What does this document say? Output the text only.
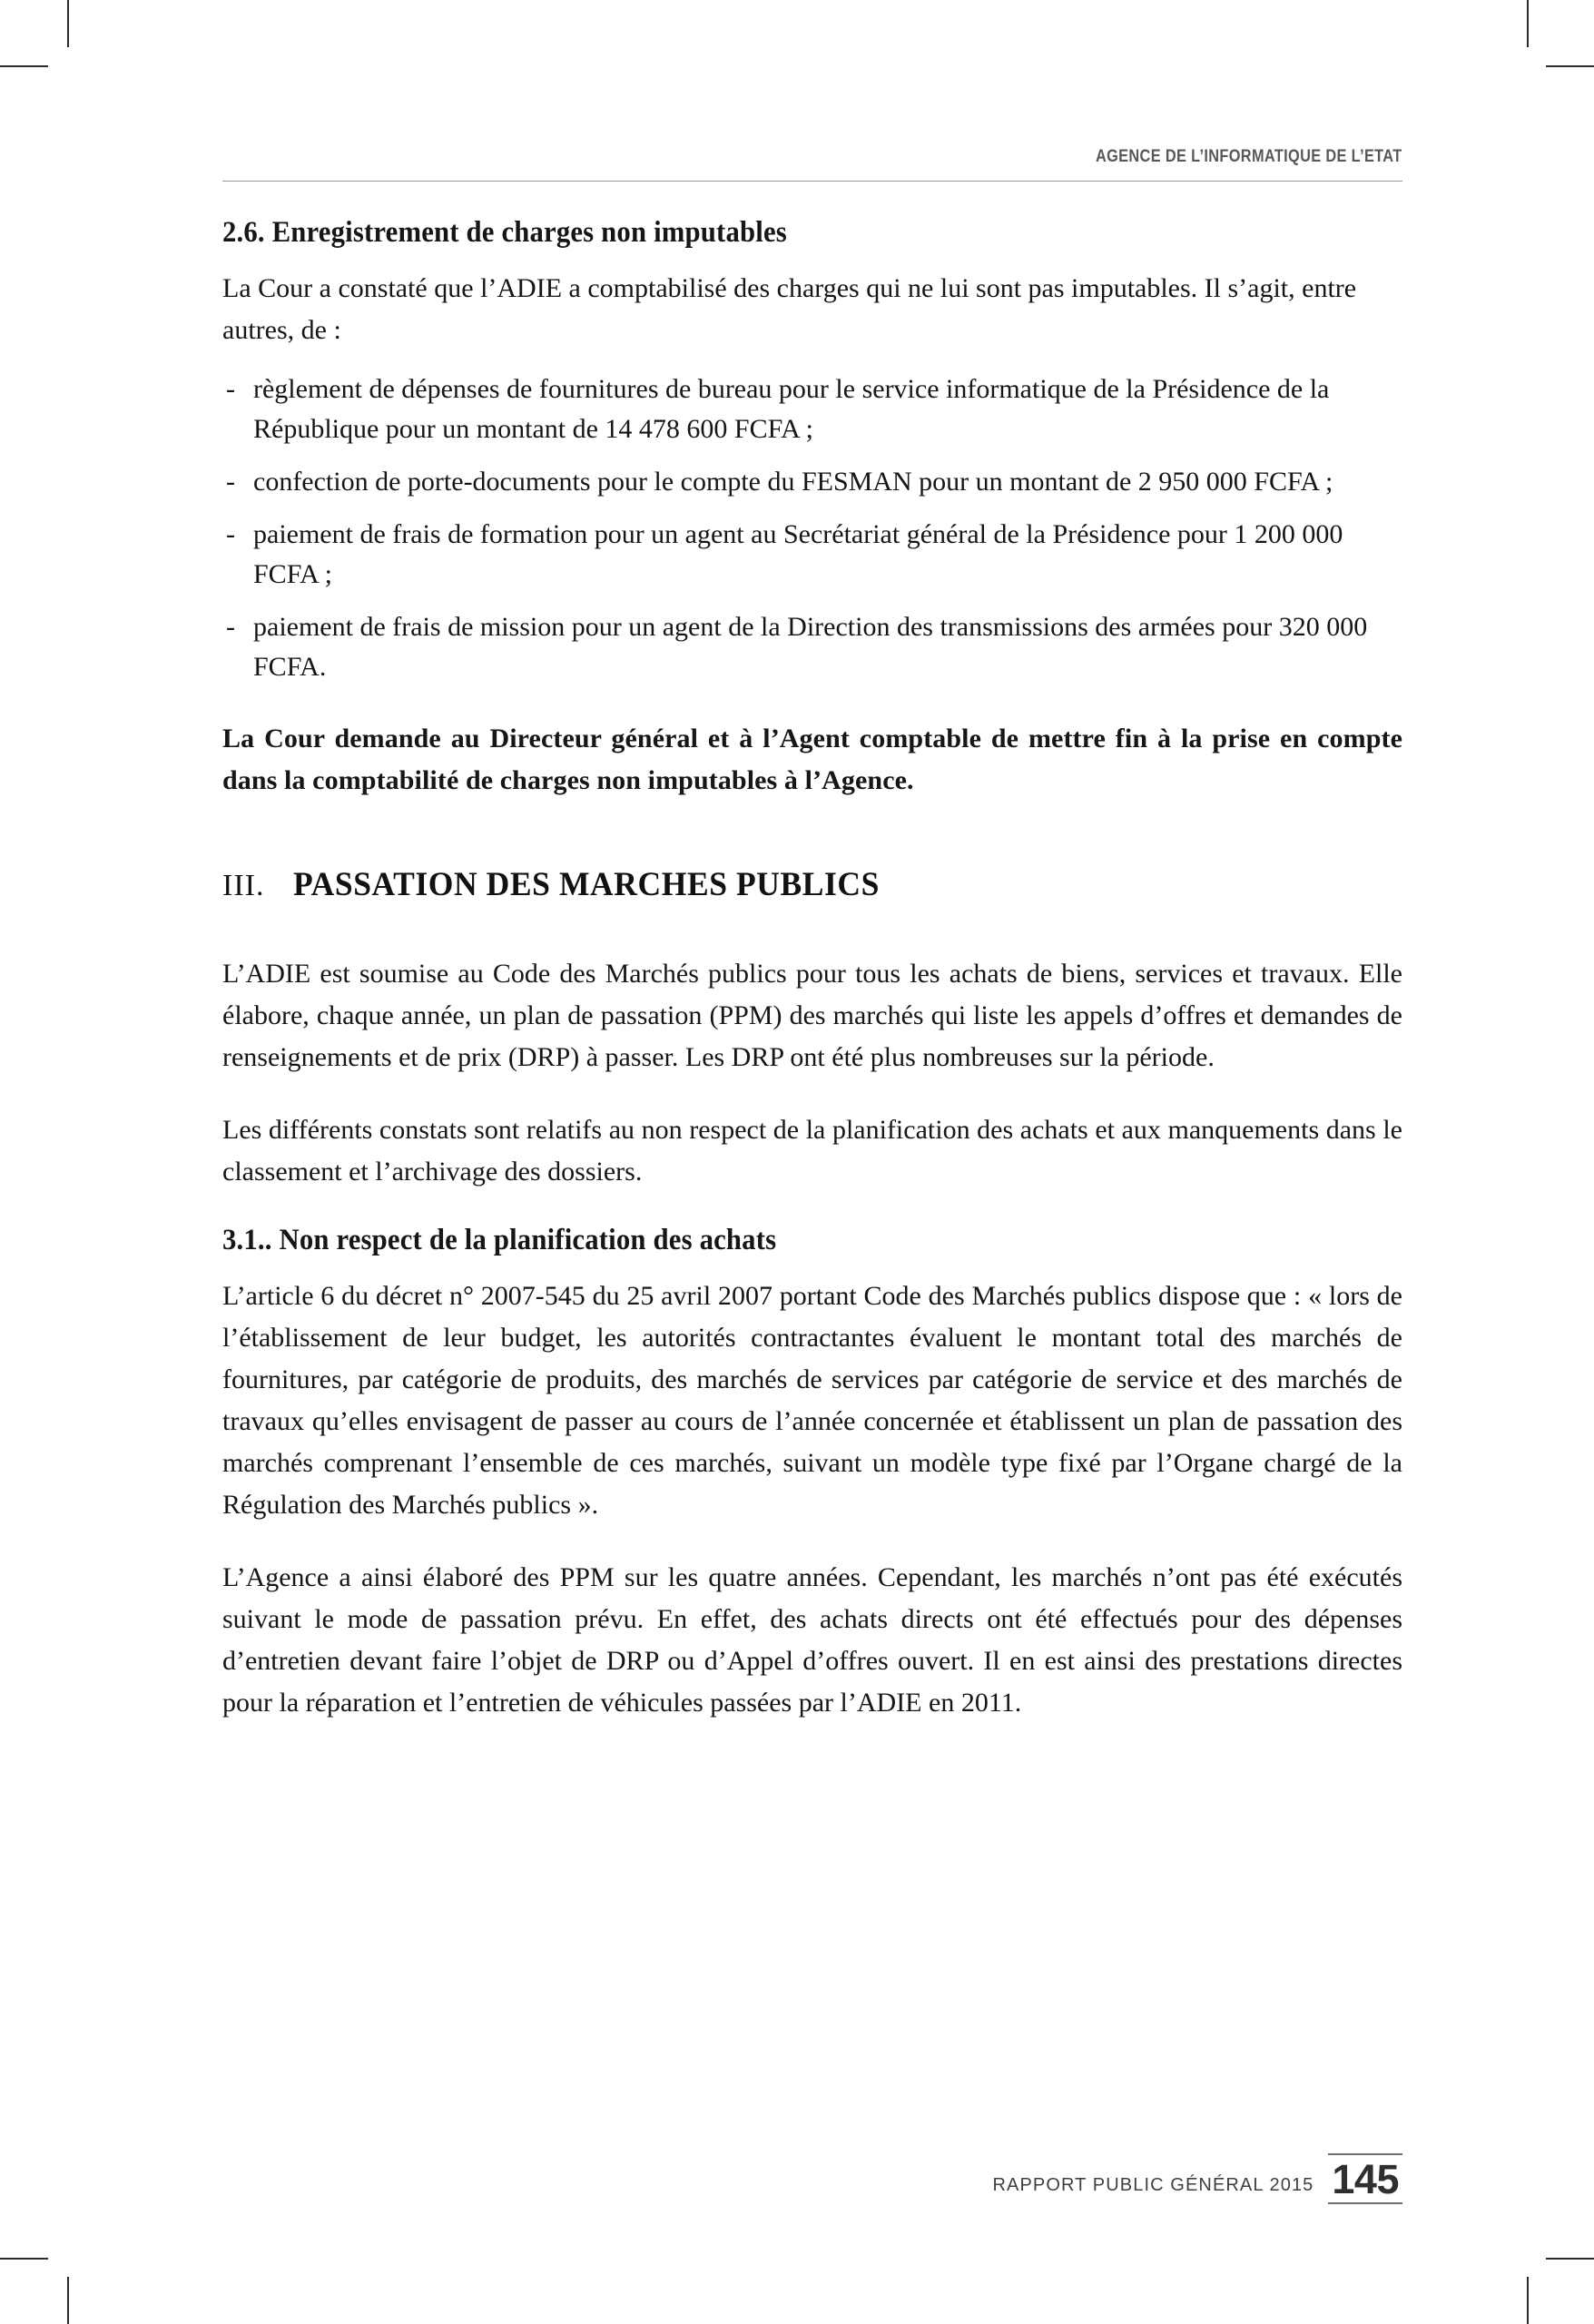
AGENCE DE L’INFORMATIQUE DE L’ETAT
2.6. Enregistrement de charges non imputables

La Cour a constaté que l’ADIE a comptabilisé des charges qui ne lui sont pas imputables. Il s’agit, entre autres, de :

- règlement de dépenses de fournitures de bureau pour le service informatique de la Présidence de la République pour un montant de 14 478 600 FCFA ;
- confection de porte-documents pour le compte du FESMAN pour un montant de 2 950 000 FCFA ;
- paiement de frais de formation pour un agent au Secrétariat général de la Présidence pour 1 200 000 FCFA ;
- paiement de frais de mission pour un agent de la Direction des transmissions des armées pour 320 000 FCFA.

La Cour demande au Directeur général et à l’Agent comptable de mettre fin à la prise en compte dans la comptabilité de charges non imputables à l’Agence.

III. PASSATION DES MARCHES PUBLICS

L’ADIE est soumise au Code des Marchés publics pour tous les achats de biens, services et travaux. Elle élabore, chaque année, un plan de passation (PPM) des marchés qui liste les appels d’offres et demandes de renseignements et de prix (DRP) à passer. Les DRP ont été plus nombreuses sur la période.

Les différents constats sont relatifs au non respect de la planification des achats et aux manquements dans le classement et l’archivage des dossiers.

3.1.. Non respect de la planification des achats

L’article 6 du décret n° 2007-545 du 25 avril 2007 portant Code des Marchés publics dispose que : « lors de l’établissement de leur budget, les autorités contractantes évaluent le montant total des marchés de fournitures, par catégorie de produits, des marchés de services par catégorie de service et des marchés de travaux qu’elles envisagent de passer au cours de l’année concernée et établissent un plan de passation des marchés comprenant l’ensemble de ces marchés, suivant un modèle type fixé par l’Organe chargé de la Régulation des Marchés publics ».

L’Agence a ainsi élaboré des PPM sur les quatre années. Cependant, les marchés n’ont pas été exécutés suivant le mode de passation prévu. En effet, des achats directs ont été effectués pour des dépenses d’entretien devant faire l’objet de DRP ou d’Appel d’offres ouvert. Il en est ainsi des prestations directes pour la réparation et l’entretien de véhicules passées par l’ADIE en 2011.

RAPPORT PUBLIC GÉNÉRAL 2015 145
